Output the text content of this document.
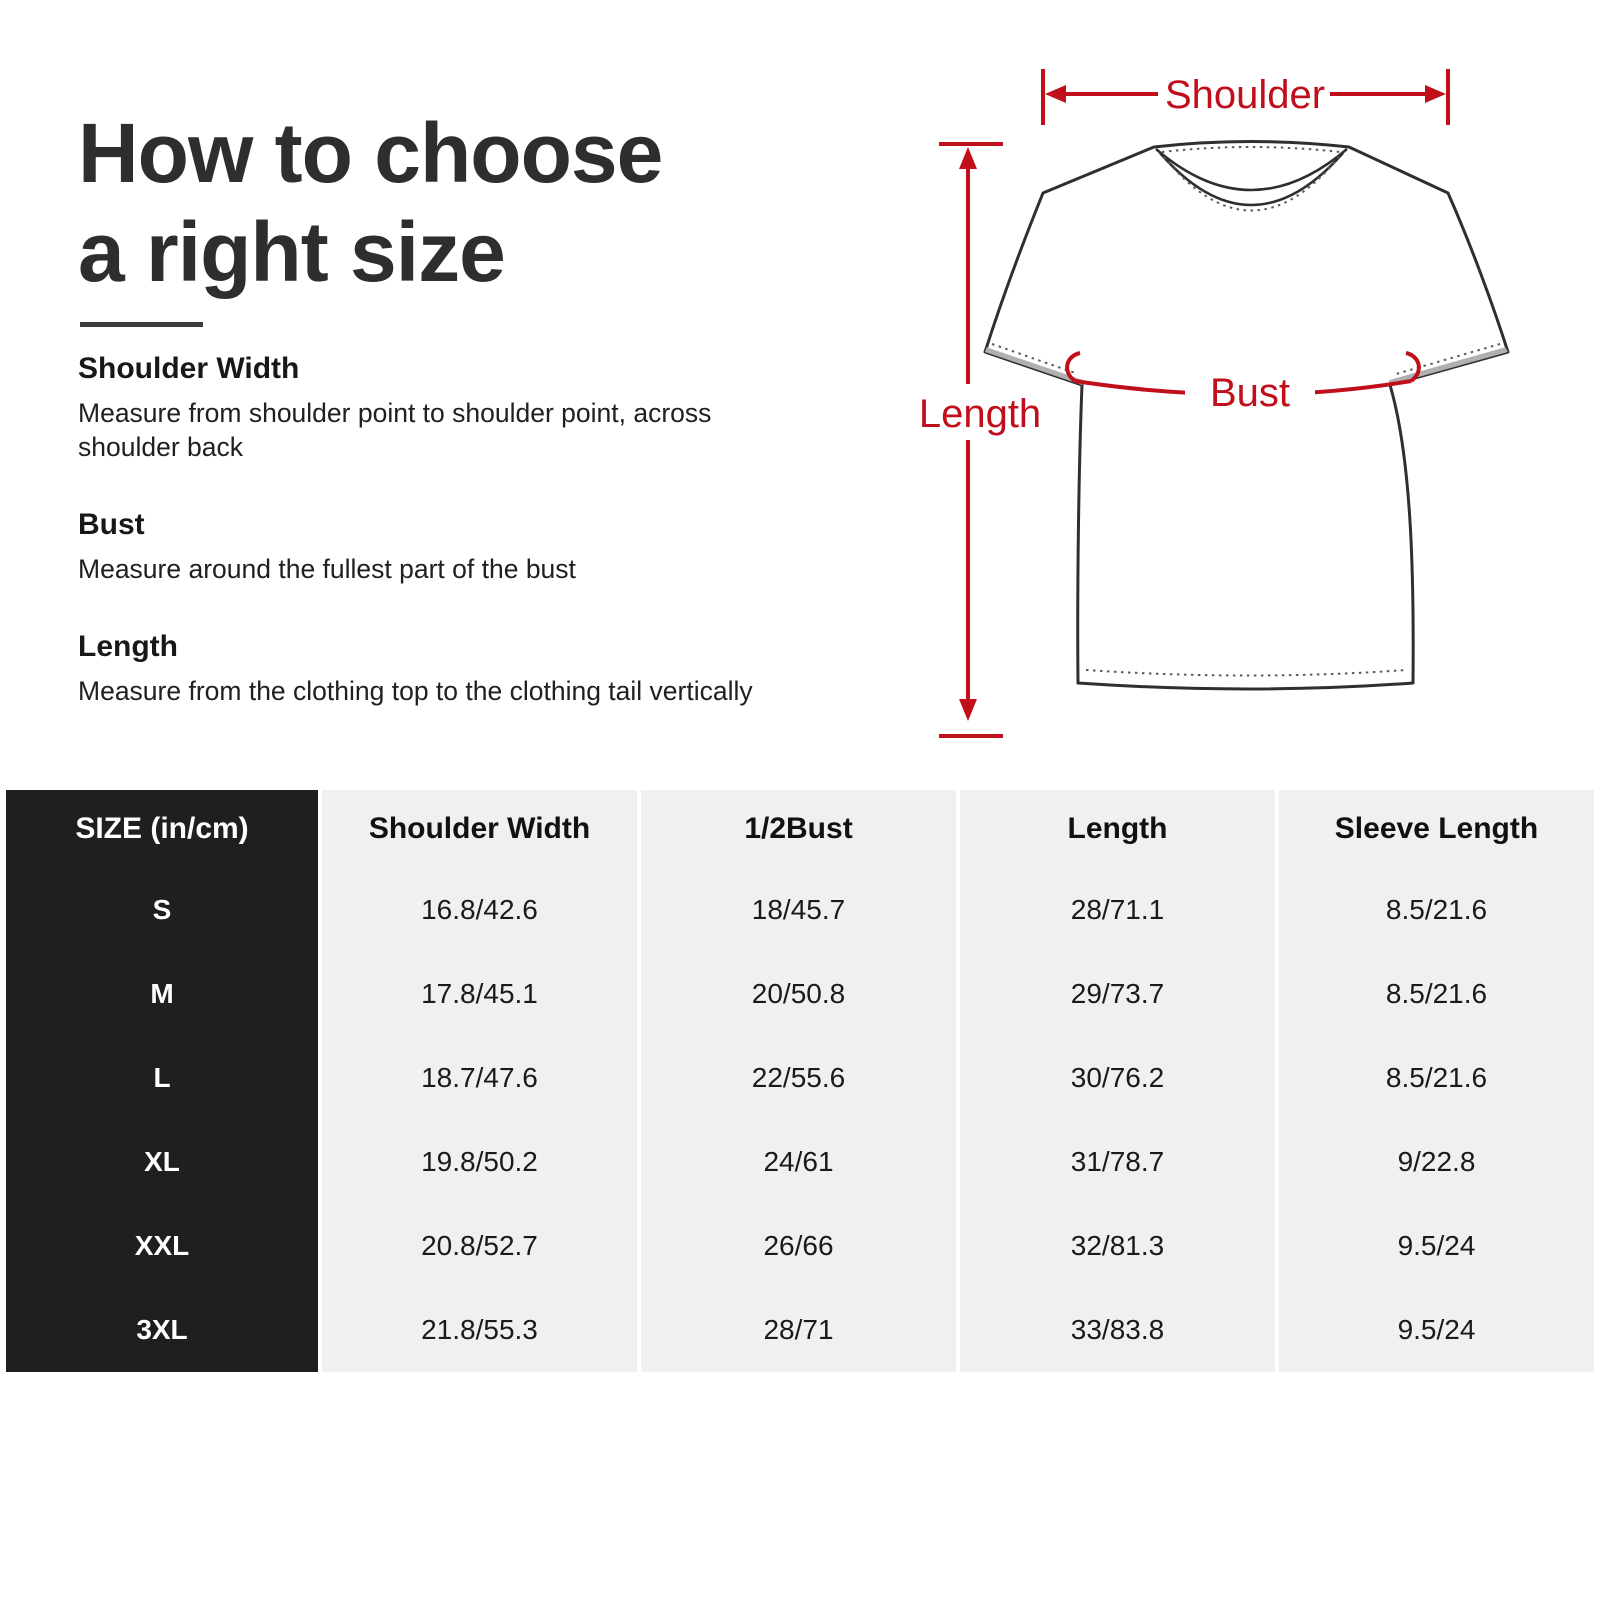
How to choose
a right size
Shoulder Width

Measure from shoulder point to shoulder point, across shoulder back

Bust

Measure around the fullest part of the bust

Length

Measure from the clothing top to the clothing tail vertically

Shoulder
Length	Bust
SIZE (in/cm)	Shoulder Width	1/2Bust	Length	Sleeve Length
S	16.8/42.6	18/45.7	28/71.1	8.5/21.6
M	17.8/45.1	20/50.8	29/73.7	8.5/21.6
L	18.7/47.6	22/55.6	30/76.2	8.5/21.6
XL	19.8/50.2	24/61	31/78.7	9/22.8
XXL	20.8/52.7	26/66	32/81.3	9.5/24
3XL	21.8/55.3	28/71	33/83.8	9.5/24
